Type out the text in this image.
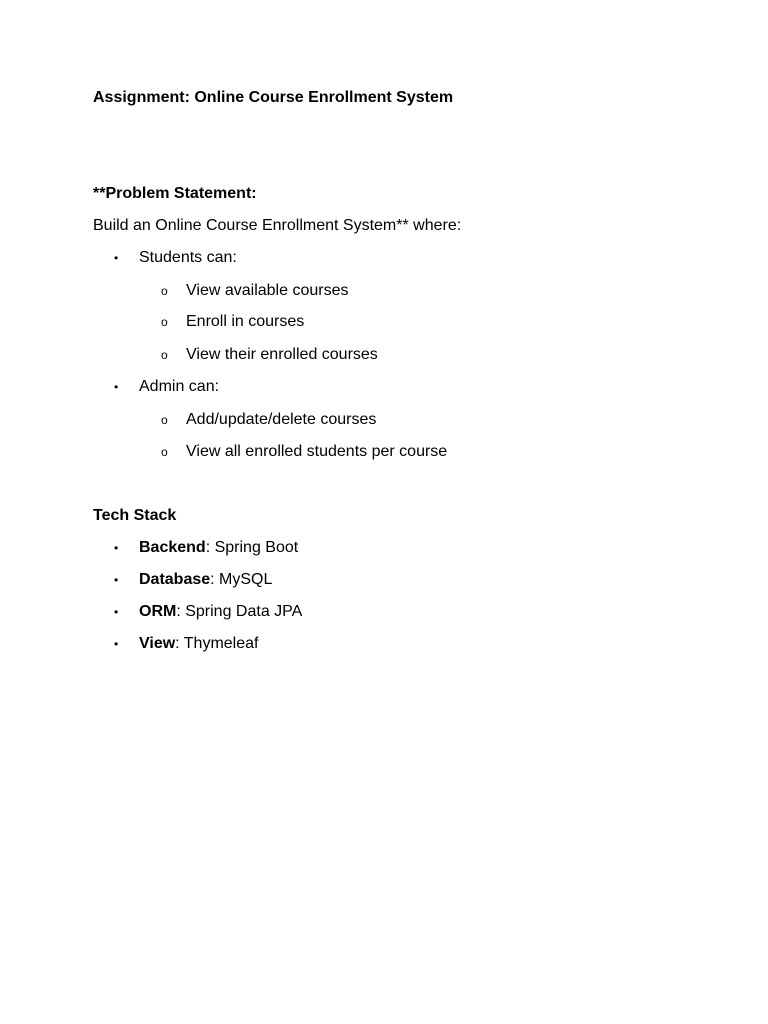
Assignment: Online Course Enrollment System
**Problem Statement:
Build an Online Course Enrollment System** where:
• Students can:
o View available courses
o Enroll in courses
o View their enrolled courses
• Admin can:
o Add/update/delete courses
o View all enrolled students per course
Tech Stack
• Backend: Spring Boot
• Database: MySQL
• ORM: Spring Data JPA
• View: Thymeleaf
